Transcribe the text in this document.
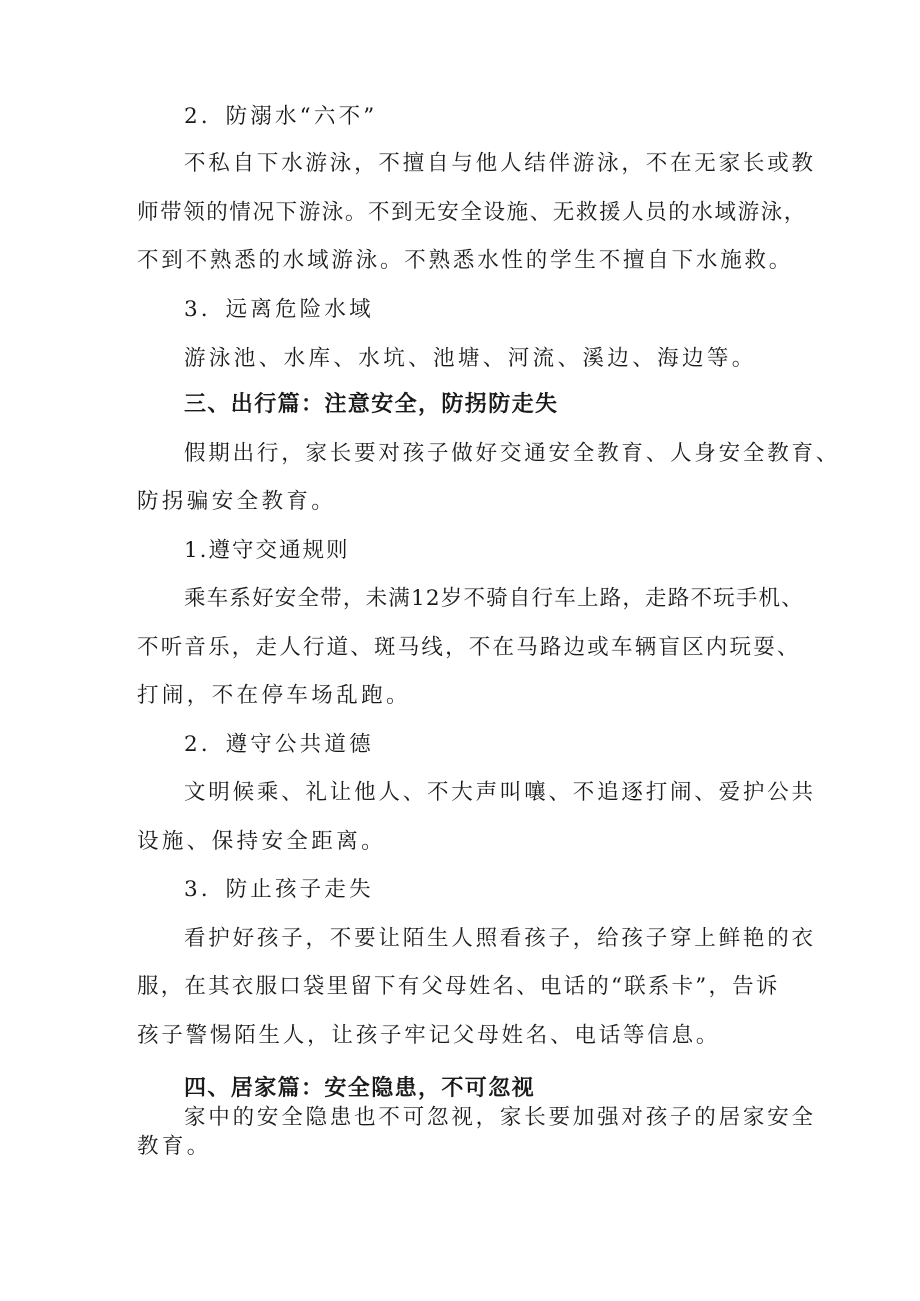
2．防溺水“六不”
不私自下水游泳，不擅自与他人结伴游泳，不在无家长或教
师带领的情况下游泳。不到无安全设施、无救援人员的水域游泳，
不到不熟悉的水域游泳。不熟悉水性的学生不擅自下水施救。
3．远离危险水域
游泳池、水库、水坑、池塘、河流、溪边、海边等。
三、出行篇：注意安全，防拐防走失
假期出行，家长要对孩子做好交通安全教育、人身安全教育、
防拐骗安全教育。
1.遵守交通规则
乘车系好安全带，未满12岁不骑自行车上路，走路不玩手机、
不听音乐，走人行道、斑马线，不在马路边或车辆盲区内玩耍、
打闹，不在停车场乱跑。
2．遵守公共道德
文明候乘、礼让他人、不大声叫嚷、不追逐打闹、爱护公共
设施、保持安全距离。
3．防止孩子走失
看护好孩子，不要让陌生人照看孩子，给孩子穿上鲜艳的衣
服，在其衣服口袋里留下有父母姓名、电话的“联系卡”，告诉
孩子警惕陌生人，让孩子牢记父母姓名、电话等信息。
四、居家篇：安全隐患，不可忽视
家中的安全隐患也不可忽视，家长要加强对孩子的居家安全
教育。
